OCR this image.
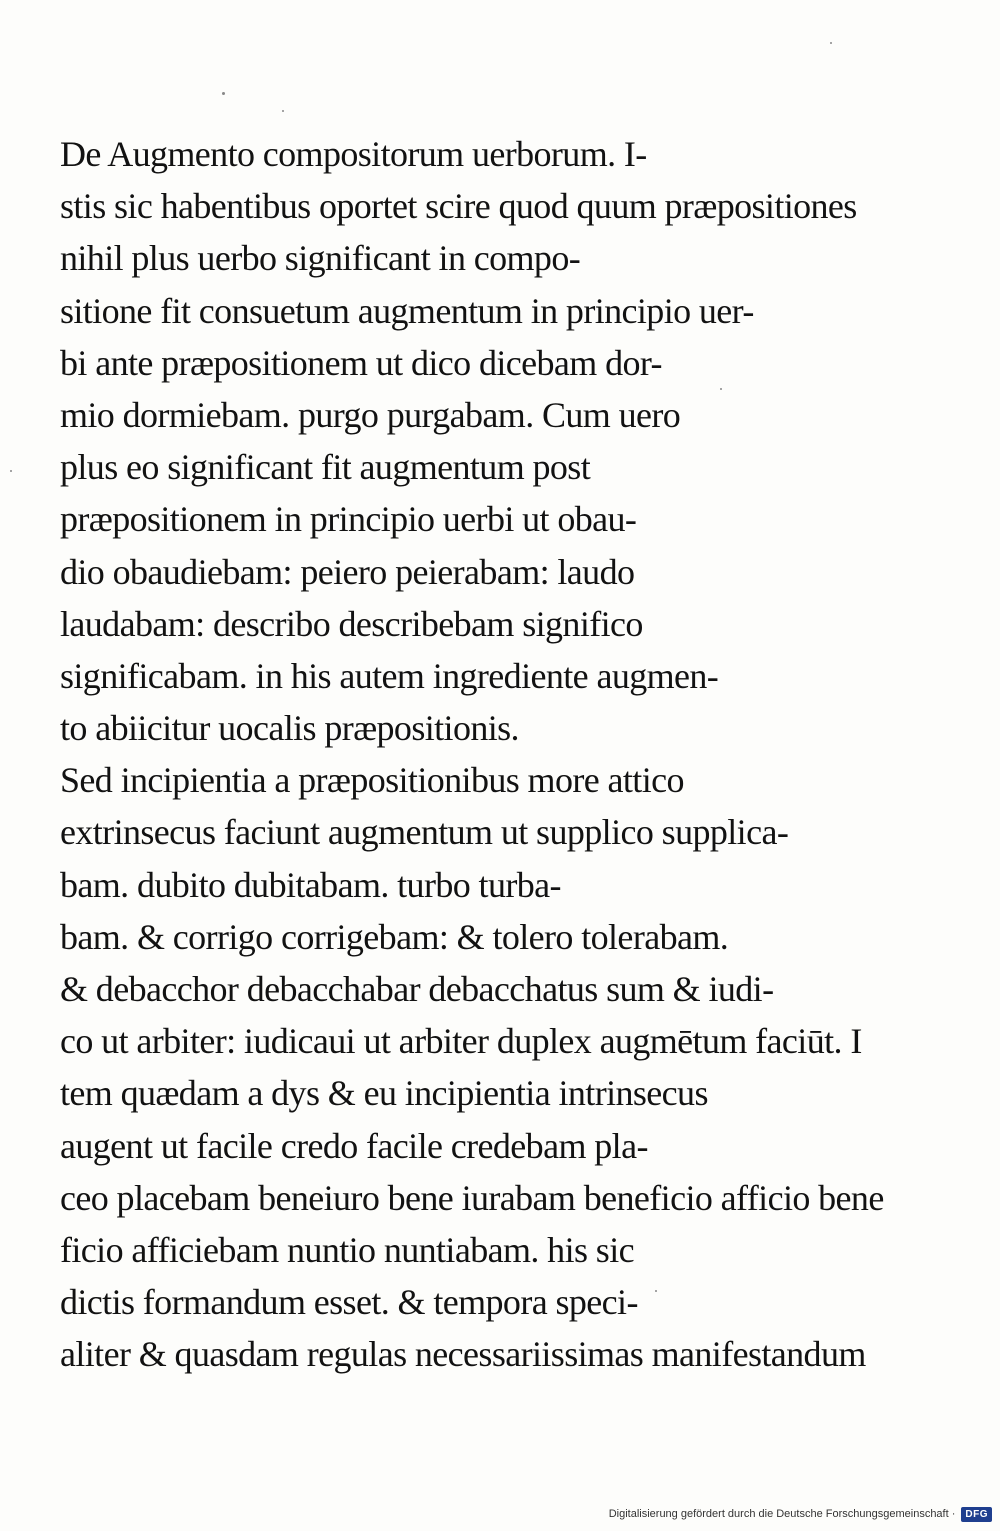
De Augmento compositorum uerborum. I-
stis sic habentibus oportet scire quod quum præpositiones
nihil plus uerbo significant in compo-
sitione fit consuetum augmentum in principio uer-
bi ante præpositionem ut dico dicebam dor-
mio dormiebam. purgo purgabam. Cum uero
plus eo significant fit augmentum post
præpositionem in principio uerbi ut obau-
dio obaudiebam: peiero peierabam: laudo
laudabam: describo describebam significo
significabam. in his autem ingrediente augmen-
to abiicitur uocalis præpositionis.
Sed incipientia a præpositionibus more attico
extrinsecus faciunt augmentum ut supplico supplica-
bam. dubito dubitabam. turbo turba-
bam. & corrigo corrigebam: & tolero tolerabam.
& debacchor debacchabar debacchatus sum & iudi-
co ut arbiter: iudicaui ut arbiter duplex augmētum faciūt. I
tem quædam a dys & eu incipientia intrinsecus
augent ut facile credo facile credebam pla-
ceo placebam beneiuro bene iurabam beneficio afficio bene
ficio afficiebam nuntio nuntiabam. his sic
dictis formandum esset. & tempora speci-
aliter & quasdam regulas necessariissimas manifestandum
Digitalisierung gefördert durch die Deutsche Forschungsgemeinschaft ·	DFG
